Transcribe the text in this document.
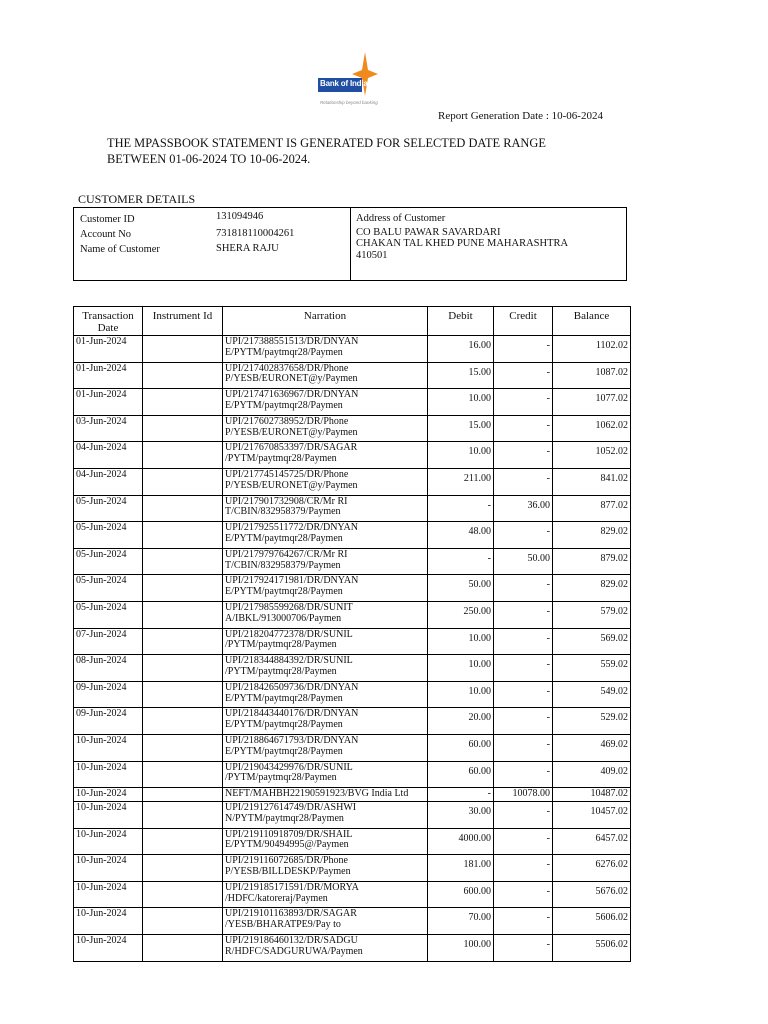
Bank of India
Relationship beyond banking
Report Generation Date : 10-06-2024
THE MPASSBOOK STATEMENT IS GENERATED FOR SELECTED DATE RANGE BETWEEN 01-06-2024 TO 10-06-2024.
CUSTOMER DETAILS
Customer ID	131094946
Account No	731818110004261
Name of Customer	SHERA RAJU
Address of Customer
CO BALU PAWAR SAVARDARI
CHAKAN TAL KHED PUNE MAHARASHTRA
410501
Transaction Date	Instrument Id	Narration	Debit	Credit	Balance
01-Jun-2024		UPI/217388551513/DR/DNYAN
E/PYTM/paytmqr28/Paymen	16.00	-	1102.02
01-Jun-2024		UPI/217402837658/DR/Phone
P/YESB/EURONET@y/Paymen	15.00	-	1087.02
01-Jun-2024		UPI/217471636967/DR/DNYAN
E/PYTM/paytmqr28/Paymen	10.00	-	1077.02
03-Jun-2024		UPI/217602738952/DR/Phone
P/YESB/EURONET@y/Paymen	15.00	-	1062.02
04-Jun-2024		UPI/217670853397/DR/SAGAR
/PYTM/paytmqr28/Paymen	10.00	-	1052.02
04-Jun-2024		UPI/217745145725/DR/Phone
P/YESB/EURONET@y/Paymen	211.00	-	841.02
05-Jun-2024		UPI/217901732908/CR/Mr RI
T/CBIN/832958379/Paymen	-	36.00	877.02
05-Jun-2024		UPI/217925511772/DR/DNYAN
E/PYTM/paytmqr28/Paymen	48.00	-	829.02
05-Jun-2024		UPI/217979764267/CR/Mr RI
T/CBIN/832958379/Paymen	-	50.00	879.02
05-Jun-2024		UPI/217924171981/DR/DNYAN
E/PYTM/paytmqr28/Paymen	50.00	-	829.02
05-Jun-2024		UPI/217985599268/DR/SUNIT
A/IBKL/913000706/Paymen	250.00	-	579.02
07-Jun-2024		UPI/218204772378/DR/SUNIL
/PYTM/paytmqr28/Paymen	10.00	-	569.02
08-Jun-2024		UPI/218344884392/DR/SUNIL
/PYTM/paytmqr28/Paymen	10.00	-	559.02
09-Jun-2024		UPI/218426509736/DR/DNYAN
E/PYTM/paytmqr28/Paymen	10.00	-	549.02
09-Jun-2024		UPI/218443440176/DR/DNYAN
E/PYTM/paytmqr28/Paymen	20.00	-	529.02
10-Jun-2024		UPI/218864671793/DR/DNYAN
E/PYTM/paytmqr28/Paymen	60.00	-	469.02
10-Jun-2024		UPI/219043429976/DR/SUNIL
/PYTM/paytmqr28/Paymen	60.00	-	409.02
10-Jun-2024		NEFT/MAHBH22190591923/BVG India Ltd	-	10078.00	10487.02
10-Jun-2024		UPI/219127614749/DR/ASHWI
N/PYTM/paytmqr28/Paymen	30.00	-	10457.02
10-Jun-2024		UPI/219110918709/DR/SHAIL
E/PYTM/90494995@/Paymen	4000.00	-	6457.02
10-Jun-2024		UPI/219116072685/DR/Phone
P/YESB/BILLDESKP/Paymen	181.00	-	6276.02
10-Jun-2024		UPI/219185171591/DR/MORYA
/HDFC/katoreraj/Paymen	600.00	-	5676.02
10-Jun-2024		UPI/219101163893/DR/SAGAR
/YESB/BHARATPE9/Pay to	70.00	-	5606.02
10-Jun-2024		UPI/219186460132/DR/SADGU
R/HDFC/SADGURUWA/Paymen	100.00	-	5506.02
